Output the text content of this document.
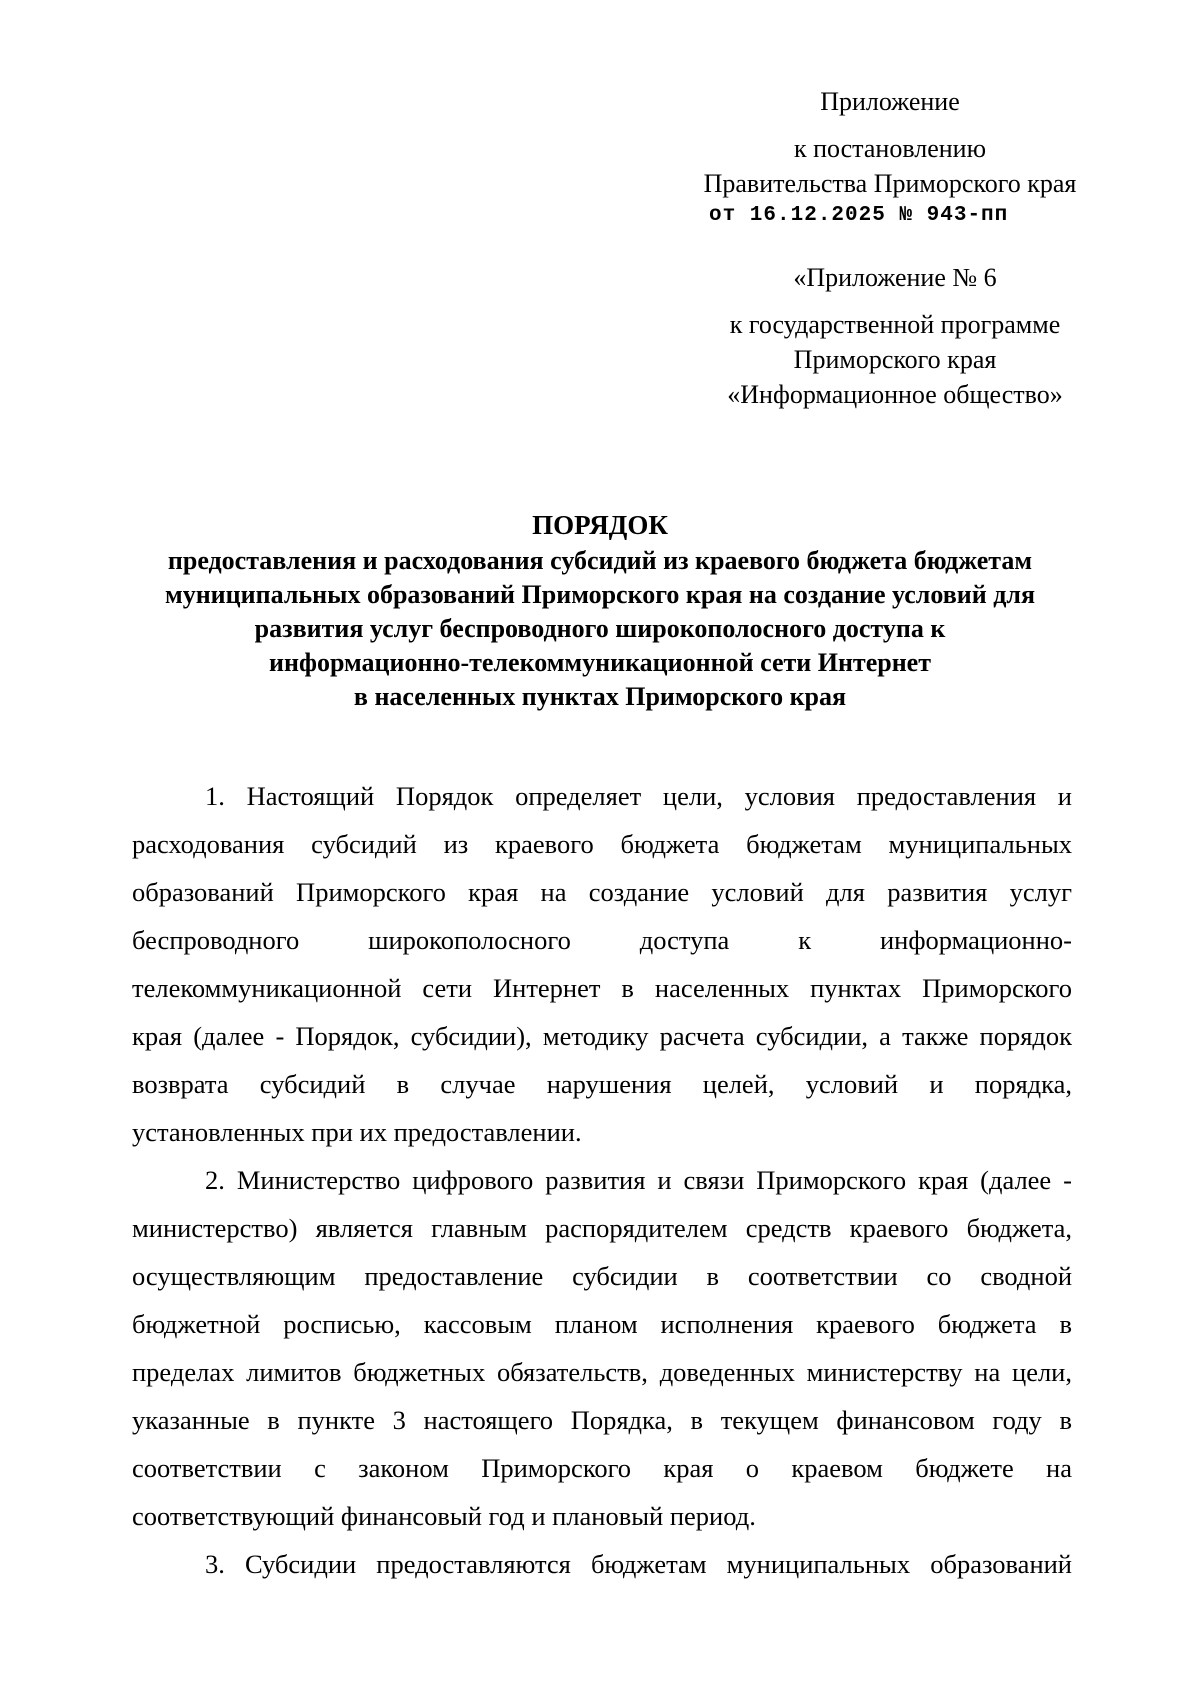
Приложение
к постановлению
Правительства Приморского края
от 16.12.2025 № 943-пп
«Приложение № 6
к государственной программе
Приморского края
«Информационное общество»
ПОРЯДОК
предоставления и расходования субсидий из краевого бюджета бюджетам
муниципальных образований Приморского края на создание условий для
развития услуг беспроводного широкополосного доступа к
информационно-телекоммуникационной сети Интернет
в населенных пунктах Приморского края
1. Настоящий Порядок определяет цели, условия предоставления и
расходования субсидий из краевого бюджета бюджетам муниципальных
образований Приморского края на создание условий для развития услуг
беспроводного широкополосного доступа к информационно-
телекоммуникационной сети Интернет в населенных пунктах Приморского
края (далее - Порядок, субсидии), методику расчета субсидии, а также порядок
возврата субсидий в случае нарушения целей, условий и порядка,
установленных при их предоставлении.
2. Министерство цифрового развития и связи Приморского края (далее -
министерство) является главным распорядителем средств краевого бюджета,
осуществляющим предоставление субсидии в соответствии со сводной
бюджетной росписью, кассовым планом исполнения краевого бюджета в
пределах лимитов бюджетных обязательств, доведенных министерству на цели,
указанные в пункте 3 настоящего Порядка, в текущем финансовом году в
соответствии с законом Приморского края о краевом бюджете на
соответствующий финансовый год и плановый период.
3. Субсидии предоставляются бюджетам муниципальных образований
